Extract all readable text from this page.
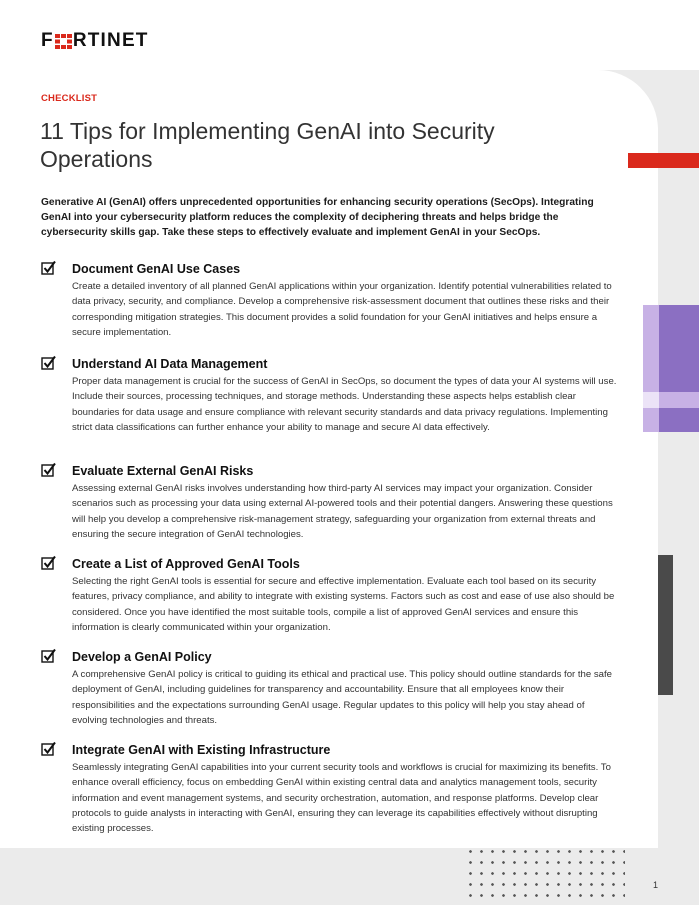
F RTINET
CHECKLIST
11 Tips for Implementing GenAI into Security Operations

Generative AI (GenAI) offers unprecedented opportunities for enhancing security operations (SecOps). Integrating GenAI into your cybersecurity platform reduces the complexity of deciphering threats and helps bridge the cybersecurity skills gap. Take these steps to effectively evaluate and implement GenAI in your SecOps.

Document GenAI Use Cases
Create a detailed inventory of all planned GenAI applications within your organization. Identify potential vulnerabilities related to data privacy, security, and compliance. Develop a comprehensive risk-assessment document that outlines these risks and their corresponding mitigation strategies. This document provides a solid foundation for your GenAI initiatives and helps ensure a secure implementation.
Understand AI Data Management
Proper data management is crucial for the success of GenAI in SecOps, so document the types of data your AI systems will use. Include their sources, processing techniques, and storage methods. Understanding these aspects helps establish clear boundaries for data usage and ensure compliance with relevant security standards and data privacy regulations. Implementing strict data classifications can further enhance your ability to manage and secure AI data effectively.
Evaluate External GenAI Risks
Assessing external GenAI risks involves understanding how third-party AI services may impact your organization. Consider scenarios such as processing your data using external AI-powered tools and their potential dangers. Answering these questions will help you develop a comprehensive risk-management strategy, safeguarding your organization from external threats and ensuring the secure integration of GenAI technologies.
Create a List of Approved GenAI Tools
Selecting the right GenAI tools is essential for secure and effective implementation. Evaluate each tool based on its security features, privacy compliance, and ability to integrate with existing systems. Factors such as cost and ease of use also should be considered. Once you have identified the most suitable tools, compile a list of approved GenAI services and ensure this information is clearly communicated within your organization.
Develop a GenAI Policy
A comprehensive GenAI policy is critical to guiding its ethical and practical use. This policy should outline standards for the safe deployment of GenAI, including guidelines for transparency and accountability. Ensure that all employees know their responsibilities and the expectations surrounding GenAI usage. Regular updates to this policy will help you stay ahead of evolving technologies and threats.
Integrate GenAI with Existing Infrastructure
Seamlessly integrating GenAI capabilities into your current security tools and workflows is crucial for maximizing its benefits. To enhance overall efficiency, focus on embedding GenAI within existing central data and analytics management tools, security information and event management systems, and security orchestration, automation, and response platforms. Develop clear protocols to guide analysts in interacting with GenAI, ensuring they can leverage its capabilities effectively without disrupting existing processes.
1
